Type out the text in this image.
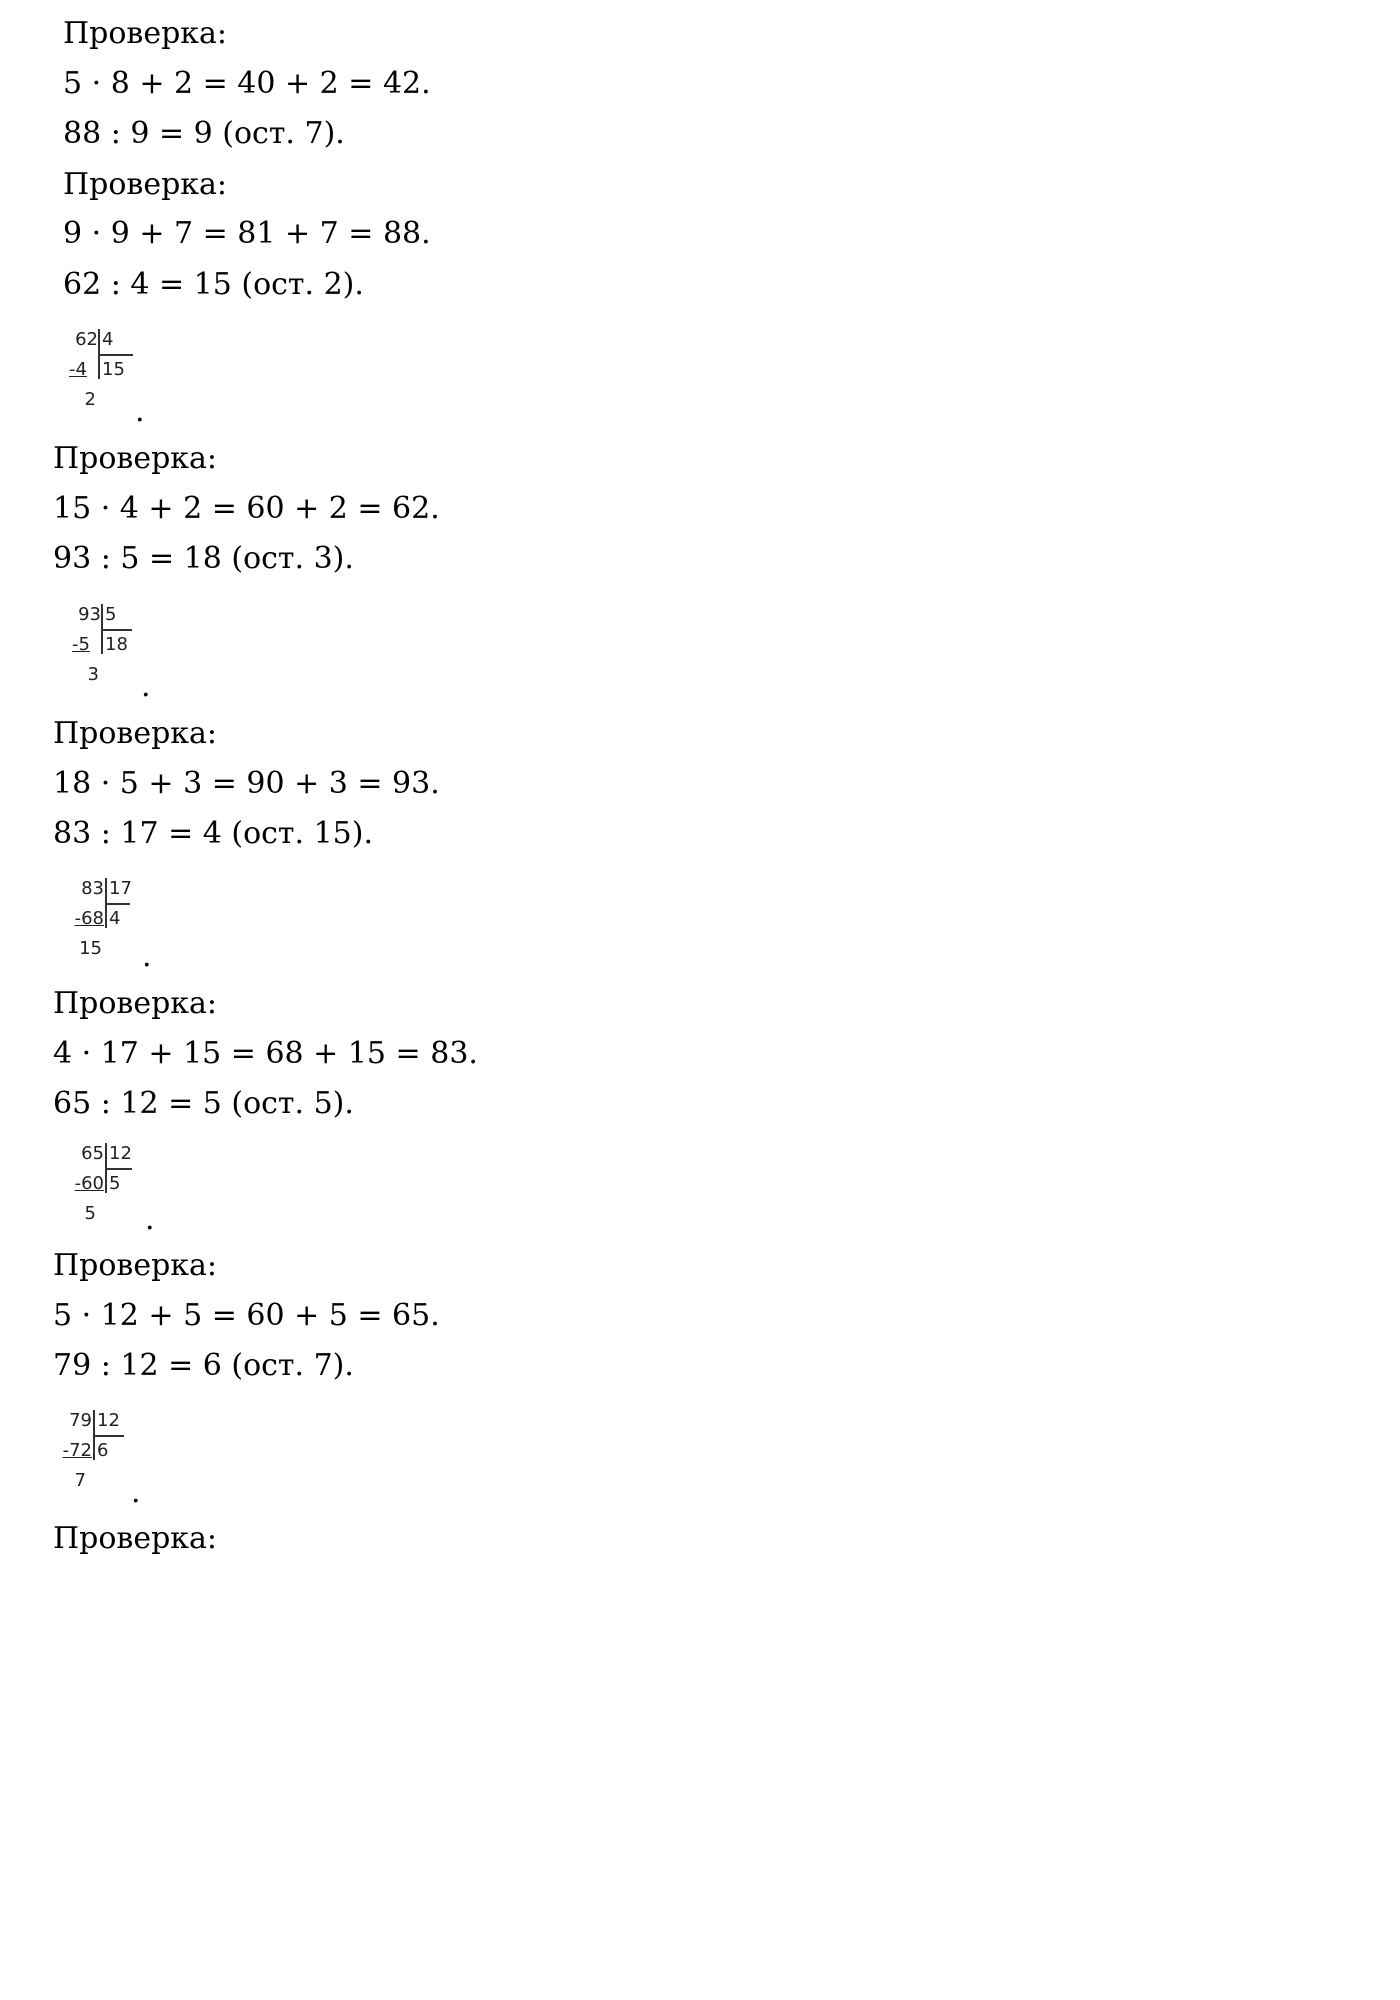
Проверка:
5 · 8 + 2 = 40 + 2 = 42.
88 : 9 = 9 (ост. 7).
Проверка:
9 · 9 + 7 = 81 + 7 = 88.
62 : 4 = 15 (ост. 2).
62
-4
2
4
15
.
Проверка:
15 · 4 + 2 = 60 + 2 = 62.
93 : 5 = 18 (ост. 3).
93
-5
3
5
18
.
Проверка:
18 · 5 + 3 = 90 + 3 = 93.
83 : 17 = 4 (ост. 15).
83
-68
15
17
4
.
Проверка:
4 · 17 + 15 = 68 + 15 = 83.
65 : 12 = 5 (ост. 5).
65
-60
5
12
5
.
Проверка:
5 · 12 + 5 = 60 + 5 = 65.
79 : 12 = 6 (ост. 7).
79
-72
7
12
6
.
Проверка:
